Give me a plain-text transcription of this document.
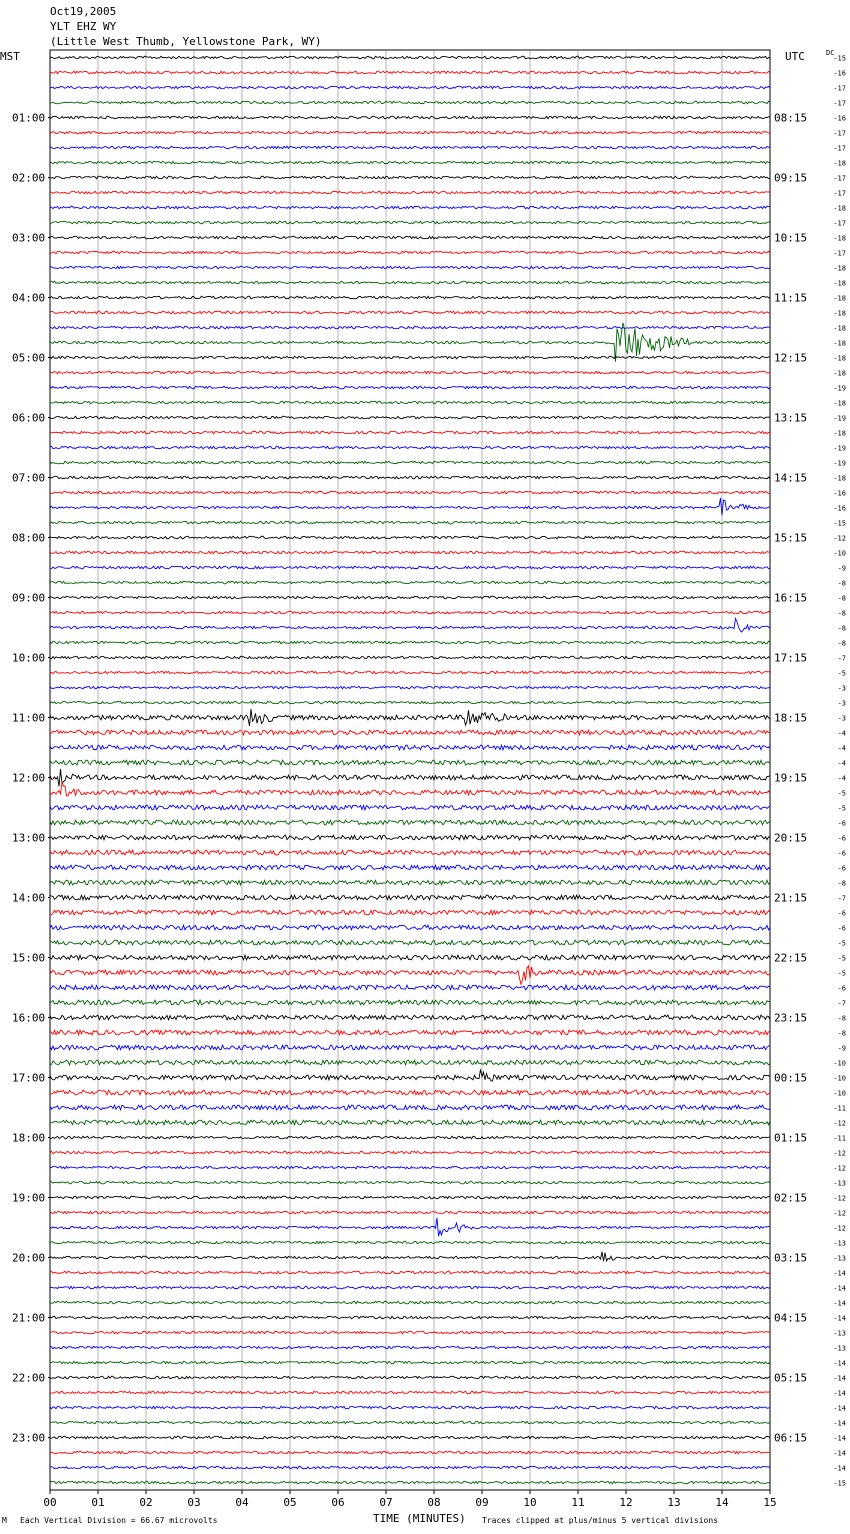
Oct19,2005
YLT EHZ WY
(Little West Thumb, Yellowstone Park, WY)
MST	UTC	DC
01:00
02:00
03:00
04:00
05:00
06:00
07:00
08:00
09:00
10:00
11:00
12:00
13:00
14:00
15:00
16:00
17:00
18:00
19:00
20:00
21:00
22:00
23:00
08:15
09:15
10:15
11:15
12:15
13:15
14:15
15:15
16:15
17:15
18:15
19:15
20:15
21:15
22:15
23:15
00:15
01:15
02:15
03:15
04:15
05:15
06:15
-15
-16
-17
-17
-16
-17
-17
-18
-17
-17
-18
-17
-18
-17
-18
-18
-18
-18
-18
-18
-18
-18
-19
-18
-19
-18
-19
-19
-18
-16
-16
-15
-12
-10
-9
-8
-8
-8
-8
-8
-7
-5
-3
-3
-3
-4
-4
-4
-4
-5
-5
-6
-6
-6
-6
-8
-7
-6
-6
-5
-5
-5
-6
-7
-8
-8
-9
-10
-10
-10
-11
-12
-11
-12
-12
-13
-12
-12
-12
-13
-13
-14
-14
-14
-14
-13
-13
-14
-14
-14
-14
-14
-14
-14
-14
-15
00	01	02	03	04	05	06	07	08	09	10	11	12	13	14	15
M Each Vertical Division = 66.67 microvolts	TIME (MINUTES) Traces clipped at plus/minus 5 vertical divisions
